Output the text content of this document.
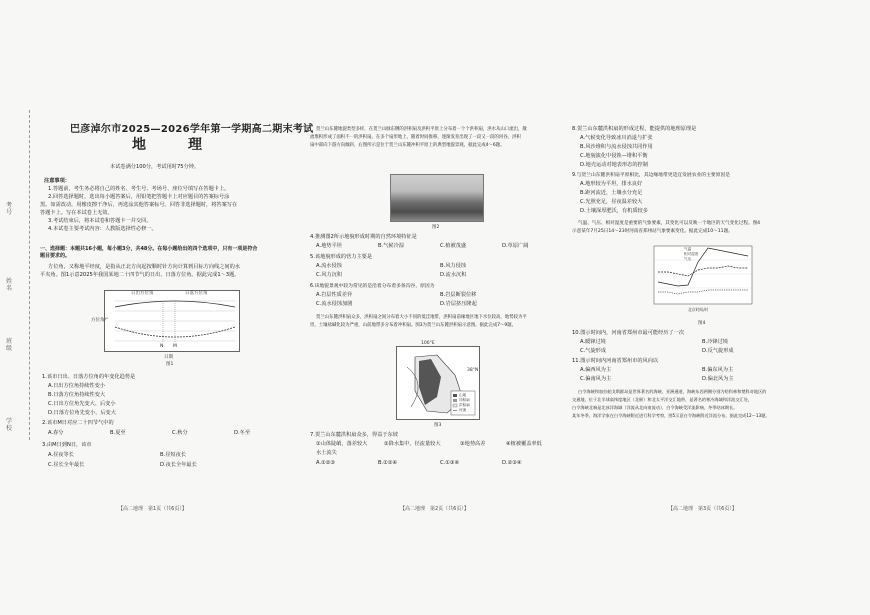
考号
姓名
班级
学校
巴彦淖尔市2025—2026学年第一学期高二期末考试
地　理
本试卷满分100分，考试用时75分钟。
注意事项：
1.答题前，考生务必将自己的姓名、考生号、考场号、座位号填写在答题卡上。
2.回答选择题时，选出每小题答案后，用铅笔把答题卡上对应题目的答案标号涂
黑。如需改动，用橡皮擦干净后，再选涂其他答案标号。回答非选择题时，将答案写在
答题卡上。写在本试卷上无效。
3.考试结束后，将本试卷和答题卡一并交回。
4.本试卷主要考试内容：人教版选择性必修一。
一、选择题：本题共16小题，每小题3分，共48分。在每小题给出的四个选项中，只有一项是符合
题目要求的。
方位角，又称地平经度，是指从正北方向起按顺时针方向计算到目标方向线之间的水
平夹角。图1示意2025年我国某地二十四节气的日出、日落方位角。据此完成1～3题。
日出方位角	日落方位角
方位角/°
N M
日期
图1
1.该市日出、日落方位角的年变化趋势是
A.日出方位角持续性变小
B.日落方位角持续性变大
C.日出方位角先变大、后变小
D.日落方位角先变小、后变大
2.该市M日对应二十四节气中的
A.春分	B.夏至	C.秋分	D.冬至
3.由M日到N日，该市
A.昼夜等长	B.昼短夜长
C.昼长全年最长	D.夜长全年最长
贺兰山东麓地貌类型多样，在贺兰山脉东侧的洪积扇及洪积平原上分布着一个个洪积扇，洪水从山口流出，散
流堆积形成了面积不一的洪积扇。在多个扇形地上，随着时间推移，逐渐发育出现了一段又一段的河谷。洪积
扇中部向下游方向倾斜，右图所示是位于贺兰山东麓冲积平原上的典型地貌景观。据此完成4～6题。
图2
4.推测图2所示地貌形成时期的自然环境特征是
A.地势平坦	B.气候冷湿	C.植被茂盛	D.草原广阔
5.该地貌形成的营力主要是
A.流水侵蚀	B.风力侵蚀
C.风力沉积	D.流水沉积
6.该地貌景观中较为常见的是沿着分布着多条沟谷，原因为
A.岩层性质差异	B.岩层断裂位移
C.流水侵蚀加剧	D.岩层挤压隆起
贺兰山东麓洪积扇众多，洪积扇之间分布着大小不同的低洼地带，洪积扇前缘地区地下水位较高，地势较为平
坦，土壤盐碱化较为严重，山前地带多分布着冲积扇。图3为贺兰山东麓洪积扇示意图。据此完成7～9题。
山地
冲积扇
洪积扇
河流
106°E
38°N
图3
7.贺兰山东麓洪积扇众多，得益于东坡
①山体陡峭，落差较大	②降水集中，径流量较大	③地势高差	④植被覆盖率低
水土流失
A.①②③	B.①②④	C.①③④	D.②③④
8.贺兰山东麓洪积扇的形成过程，能提供的地理原理是
A.气候变化导致冰川消退与扩张
B.风沙堆积与流水侵蚀共同作用
C.地貌演化中侵蚀—堆积平衡
D.地壳运动对地表形态的控制
9.与贺兰山东麓洪积扇平原相比，其边缘地带更适宜发展农业的主要原因是
A.地形较为平坦，排水良好
B.距河流近，土壤水分充足
C.光照充足，昼夜温差较大
D.土壤深厚肥沃，有机质较多
气温、气压、相对湿度是重要的气象要素，其变化可以反映一个地区的天气变化过程。图4
示意某年7月25日14～23时河南省郑州站气象要素变化。据此完成10～11题。
气温
相对湿度
气压
北京时间/时
图4
10.图示时间内，河南省郑州市最可能经历了一次
A.暖锋过境	B.冷锋过境
C.气旋形成	D.反气旋形成
11.图示时间内河南省郑州市的风向以
A.偏西风为主	B.偏东风为主
C.偏南风为主	D.偏北风为主
白令海峡和加拉帕戈斯群岛是世界著名的海峡、亚洲通道，海峡东西两侧分别为哈科林和楚科奇地区的
交通地，位于北半球高纬度地区（北极）和北太平洋交汇地带，是著名的寒冷海域和洋流交汇处，
白令海峡北端是北冰洋海域（洋流从北向南流动），白令海峡受洋流影响，冬季结冰期长。
某年冬季，海洋学家在白令海峡附近进行科学考察，图5示意白令海峡附近洋流分布，据此完成12～13题。
【高二地理　第1页（共6页）】	【高二地理　第2页（共6页）】	【高二地理　第3页（共6页）】
